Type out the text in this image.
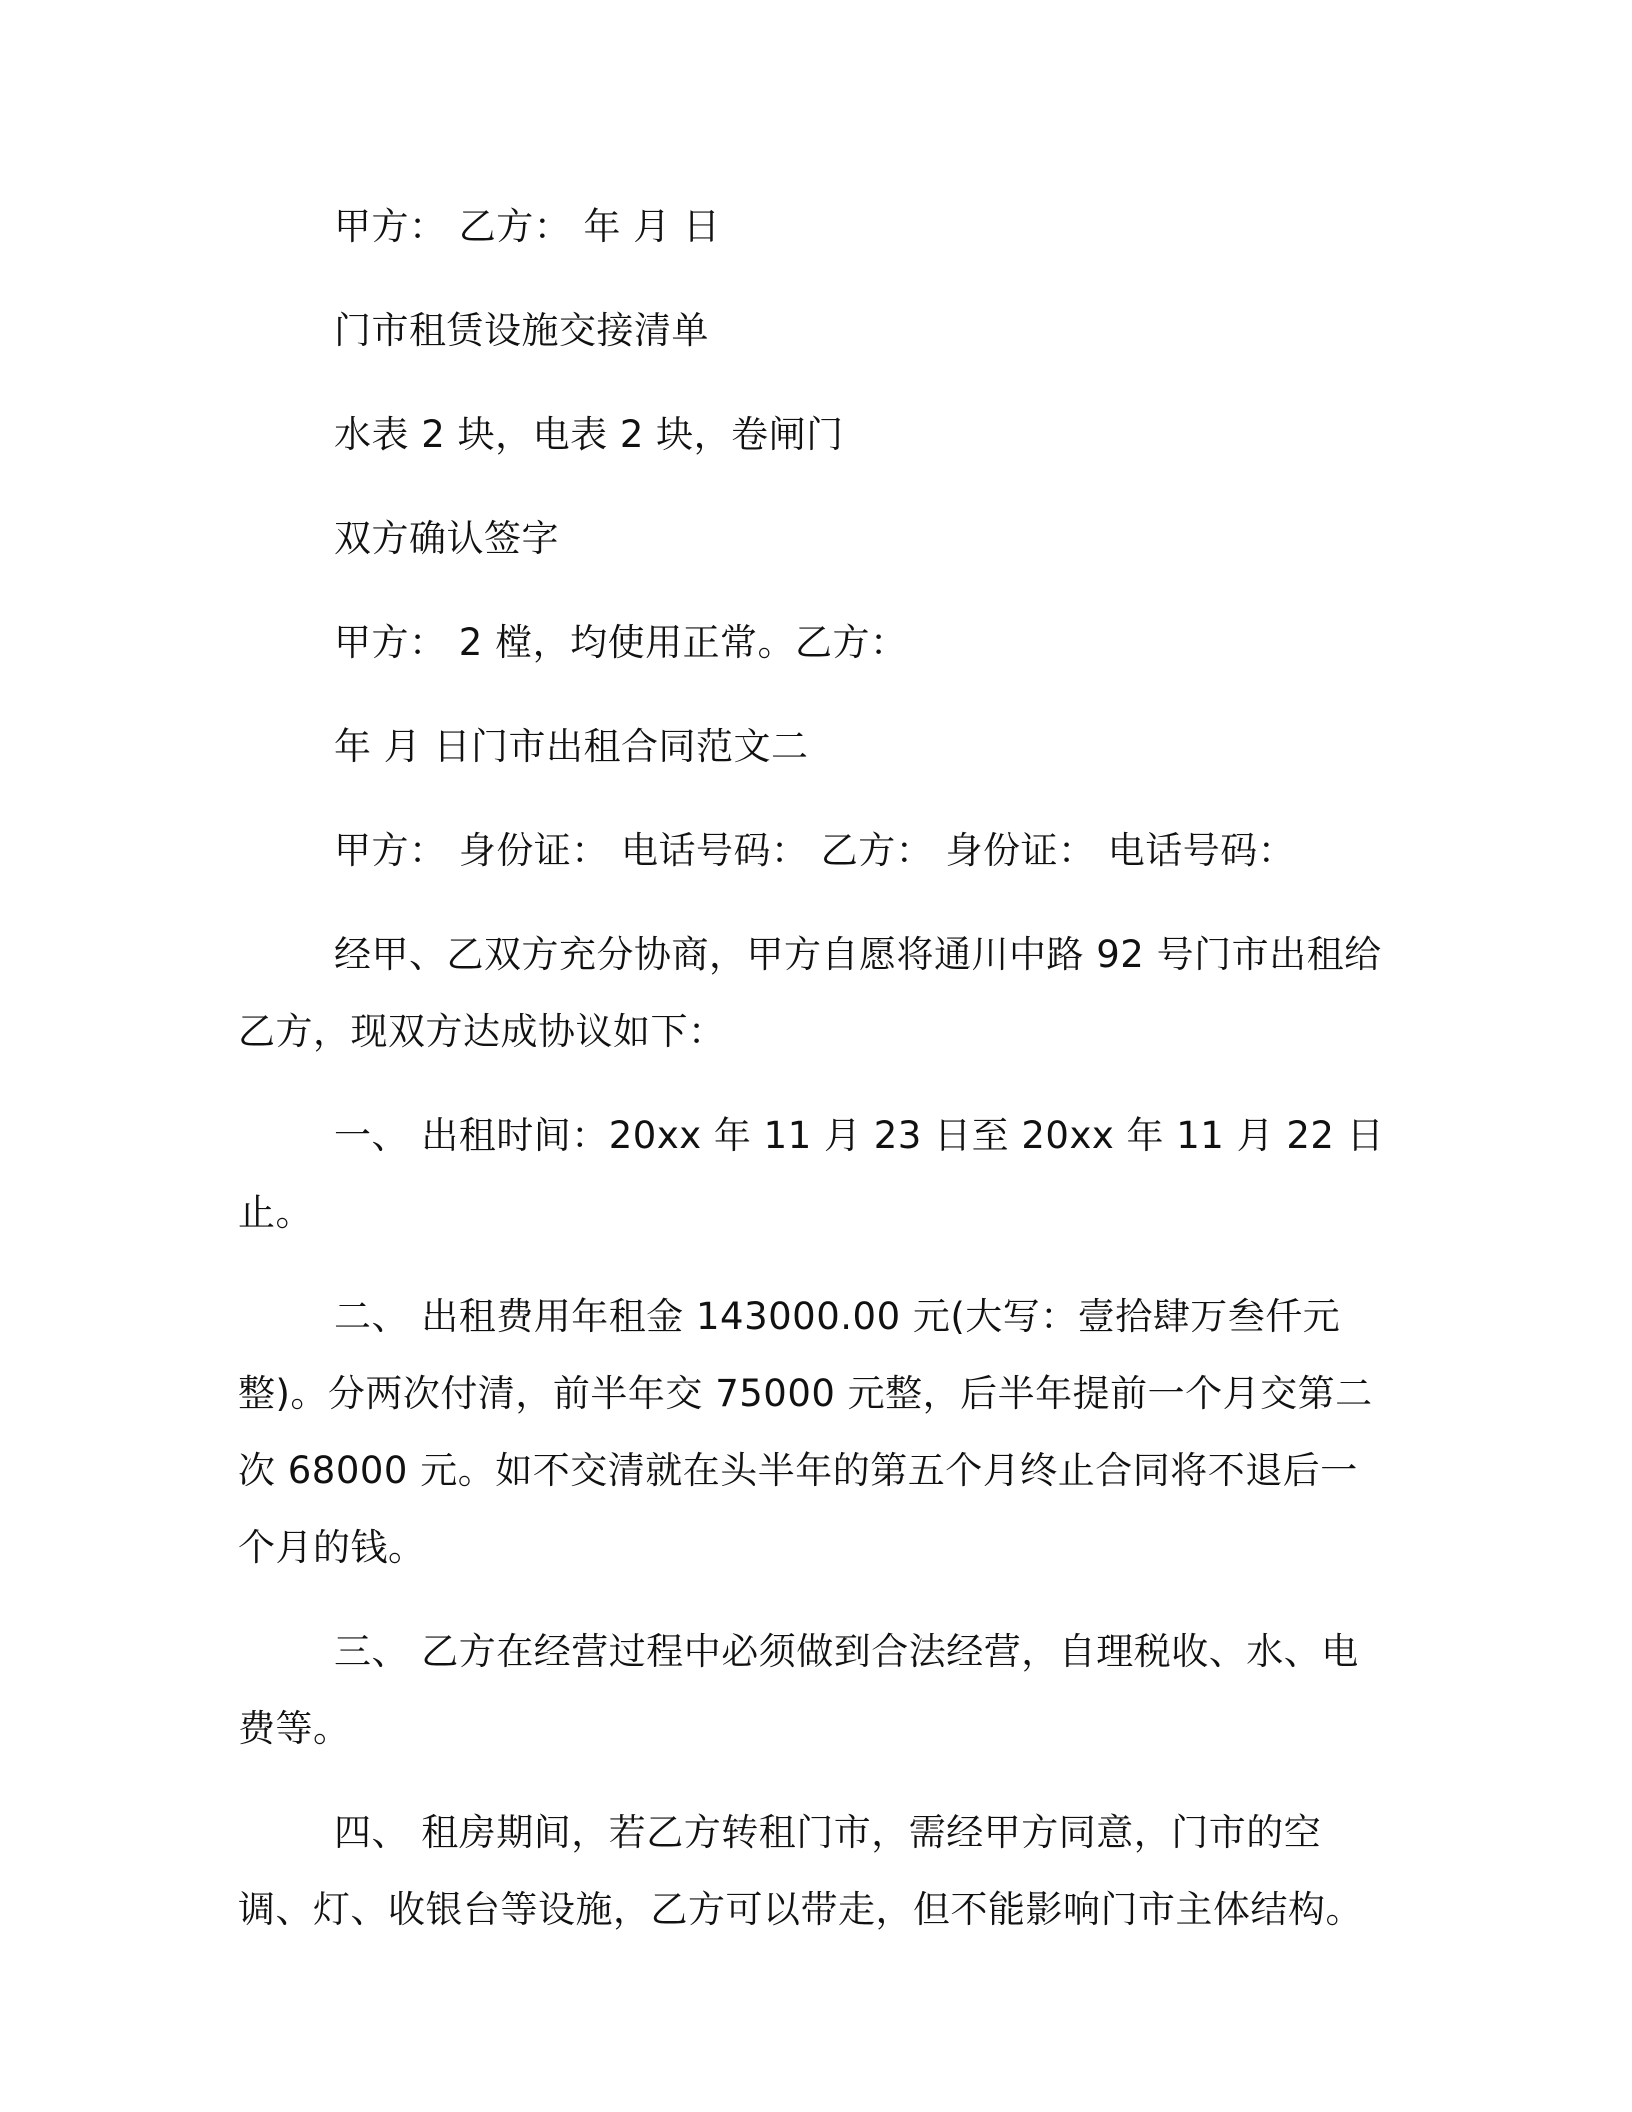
甲方： 乙方： 年 月 日

门市租赁设施交接清单

水表 2 块，电表 2 块，卷闸门

双方确认签字

甲方： 2 樘，均使用正常。乙方：

年 月 日门市出租合同范文二

甲方： 身份证： 电话号码： 乙方： 身份证： 电话号码：

经甲、乙双方充分协商，甲方自愿将通川中路 92 号门市出租给乙方，现双方达成协议如下：

一、 出租时间：20xx 年 11 月 23 日至 20xx 年 11 月 22 日止。

二、 出租费用年租金 143000.00 元(大写：壹拾肆万叁仟元整)。分两次付清，前半年交 75000 元整，后半年提前一个月交第二次 68000 元。如不交清就在头半年的第五个月终止合同将不退后一个月的钱。

三、 乙方在经营过程中必须做到合法经营，自理税收、水、电费等。

四、 租房期间，若乙方转租门市，需经甲方同意，门市的空调、灯、收银台等设施，乙方可以带走，但不能影响门市主体结构。
